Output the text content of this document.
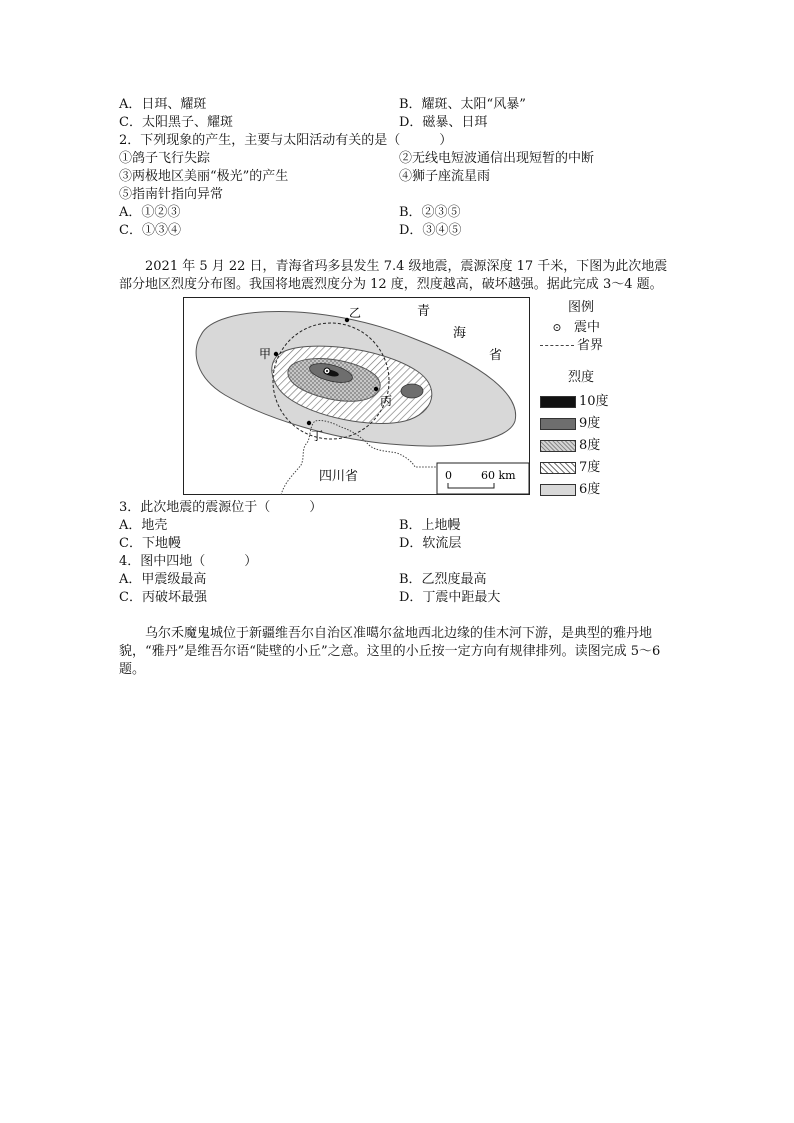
A．日珥、耀斑	B．耀斑、太阳“风暴”
C．太阳黑子、耀斑	D．磁暴、日珥
2．下列现象的产生，主要与太阳活动有关的是（　　　）
①鸽子飞行失踪	②无线电短波通信出现短暂的中断
③两极地区美丽“极光”的产生	④狮子座流星雨
⑤指南针指向异常
A．①②③	B．②③⑤
C．①③④	D．③④⑤
2021 年 5 月 22 日，青海省玛多县发生 7.4 级地震，震源深度 17 千米，下图为此次地震部分地区烈度分布图。我国将地震烈度分为 12 度，烈度越高，破坏越强。据此完成 3～4 题。
甲
乙
丙
丁
青
海
省
四川省	0	60 km
图例
⊙ 震中
省界
烈度
10度
9度
8度
7度
6度
3．此次地震的震源位于（　　　）
A．地壳	B．上地幔
C．下地幔	D．软流层
4．图中四地（　　　）
A．甲震级最高	B．乙烈度最高
C．丙破坏最强	D．丁震中距最大
乌尔禾魔鬼城位于新疆维吾尔自治区准噶尔盆地西北边缘的佳木河下游，是典型的雅丹地貌，“雅丹”是维吾尔语“陡壁的小丘”之意。这里的小丘按一定方向有规律排列。读图完成 5～6 题。
